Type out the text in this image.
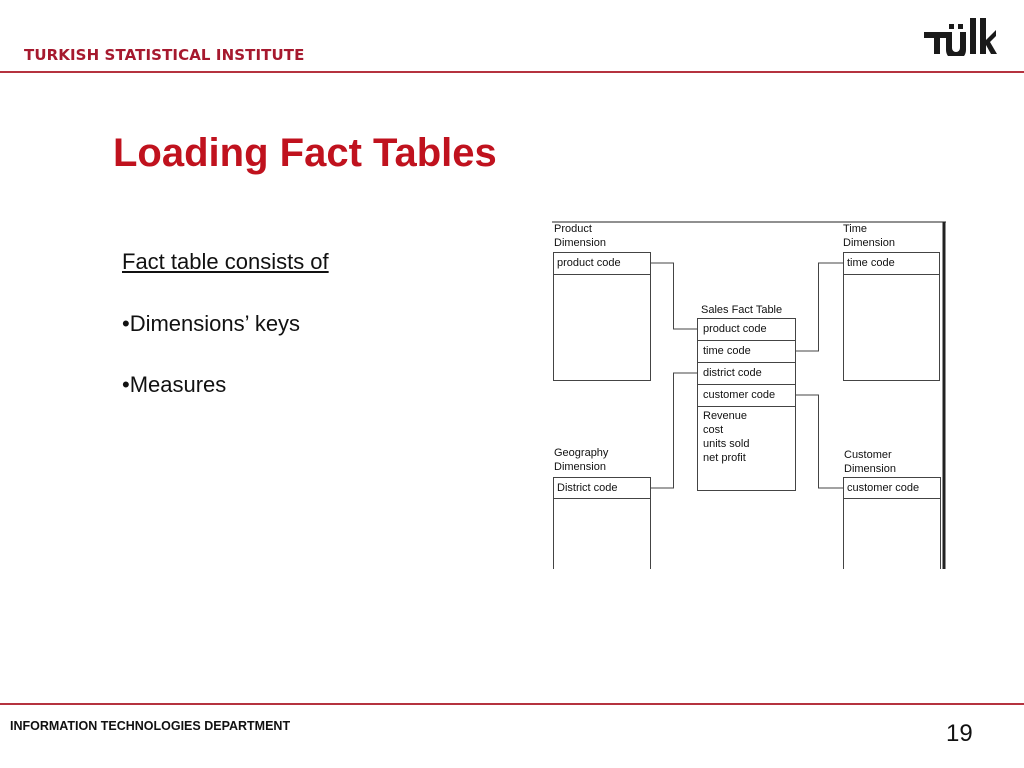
TURKISH STATISTICAL INSTITUTE
Loading Fact Tables
Fact table consists of
•Dimensions’ keys
•Measures
Product
Dimension
Time
Dimension
Geography
Dimension
Customer
Dimension
product code	time code
District code	customer code
Sales Fact Table
product code
time code
district code
customer code
Revenue
cost
units sold
net profit
INFORMATION TECHNOLOGIES DEPARTMENT	19
